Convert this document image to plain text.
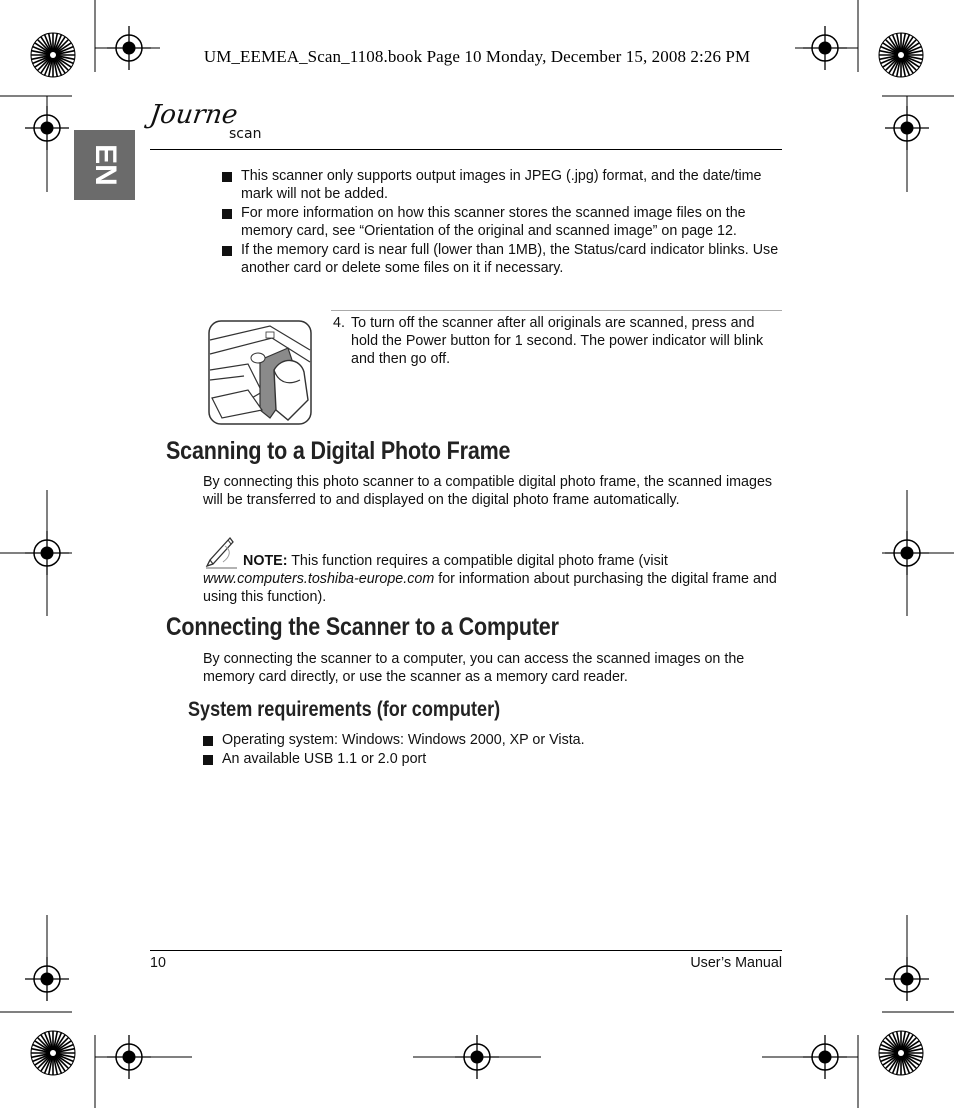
UM_EEMEA_Scan_1108.book Page 10 Monday, December 15, 2008 2:26 PM
Journe
scan
EN	This scanner only supports output images in JPEG (.jpg) format, and the date/time mark will not be added.
For more information on how this scanner stores the scanned image files on the memory card, see “Orientation of the original and scanned image” on page 12.
If the memory card is near full (lower than 1MB), the Status/card indicator blinks. Use another card or delete some files on it if necessary.
4. To turn off the scanner after all originals are scanned, press and hold the Power button for 1 second. The power indicator will blink and then go off.
Scanning to a Digital Photo Frame
By connecting this photo scanner to a compatible digital photo frame, the scanned images will be transferred to and displayed on the digital photo frame automatically.
NOTE: This function requires a compatible digital photo frame (visit
www.computers.toshiba-europe.com for information about purchasing the digital frame and using this function).
Connecting the Scanner to a Computer
By connecting the scanner to a computer, you can access the scanned images on the memory card directly, or use the scanner as a memory card reader.
System requirements (for computer)
Operating system: Windows: Windows 2000, XP or Vista.
An available USB 1.1 or 2.0 port
10	User’s Manual
